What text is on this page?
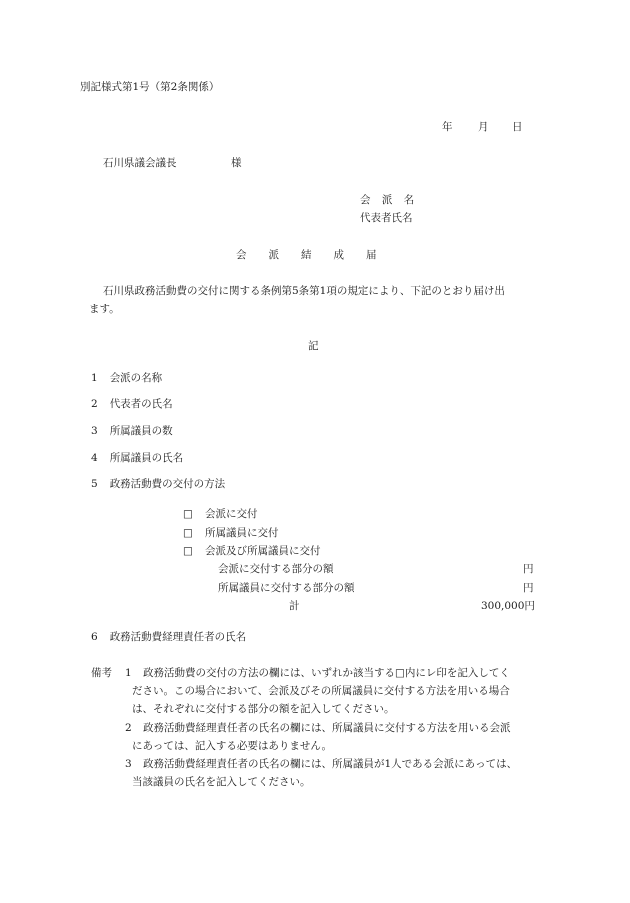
別記様式第1号（第2条関係）
年 月 日
石川県議会議長	様
会 派 名
代表者氏名
会派結成届
石川県政務活動費の交付に関する条例第5条第1項の規定により、下記のとおり届け出
ます。
記
1 会派の名称
2 代表者の氏名
3 所属議員の数
4 所属議員の氏名
5 政務活動費の交付の方法
□ 会派に交付
□ 所属議員に交付
□ 会派及び所属議員に交付
会派に交付する部分の額	円
所属議員に交付する部分の額	円
計	300,000円
6 政務活動費経理責任者の氏名
備考 1 政務活動費の交付の方法の欄には、いずれか該当する□内にレ印を記入してく
ださい。この場合において、会派及びその所属議員に交付する方法を用いる場合
は、それぞれに交付する部分の額を記入してください。
2 政務活動費経理責任者の氏名の欄には、所属議員に交付する方法を用いる会派
にあっては、記入する必要はありません。
3 政務活動費経理責任者の氏名の欄には、所属議員が1人である会派にあっては、
当該議員の氏名を記入してください。
